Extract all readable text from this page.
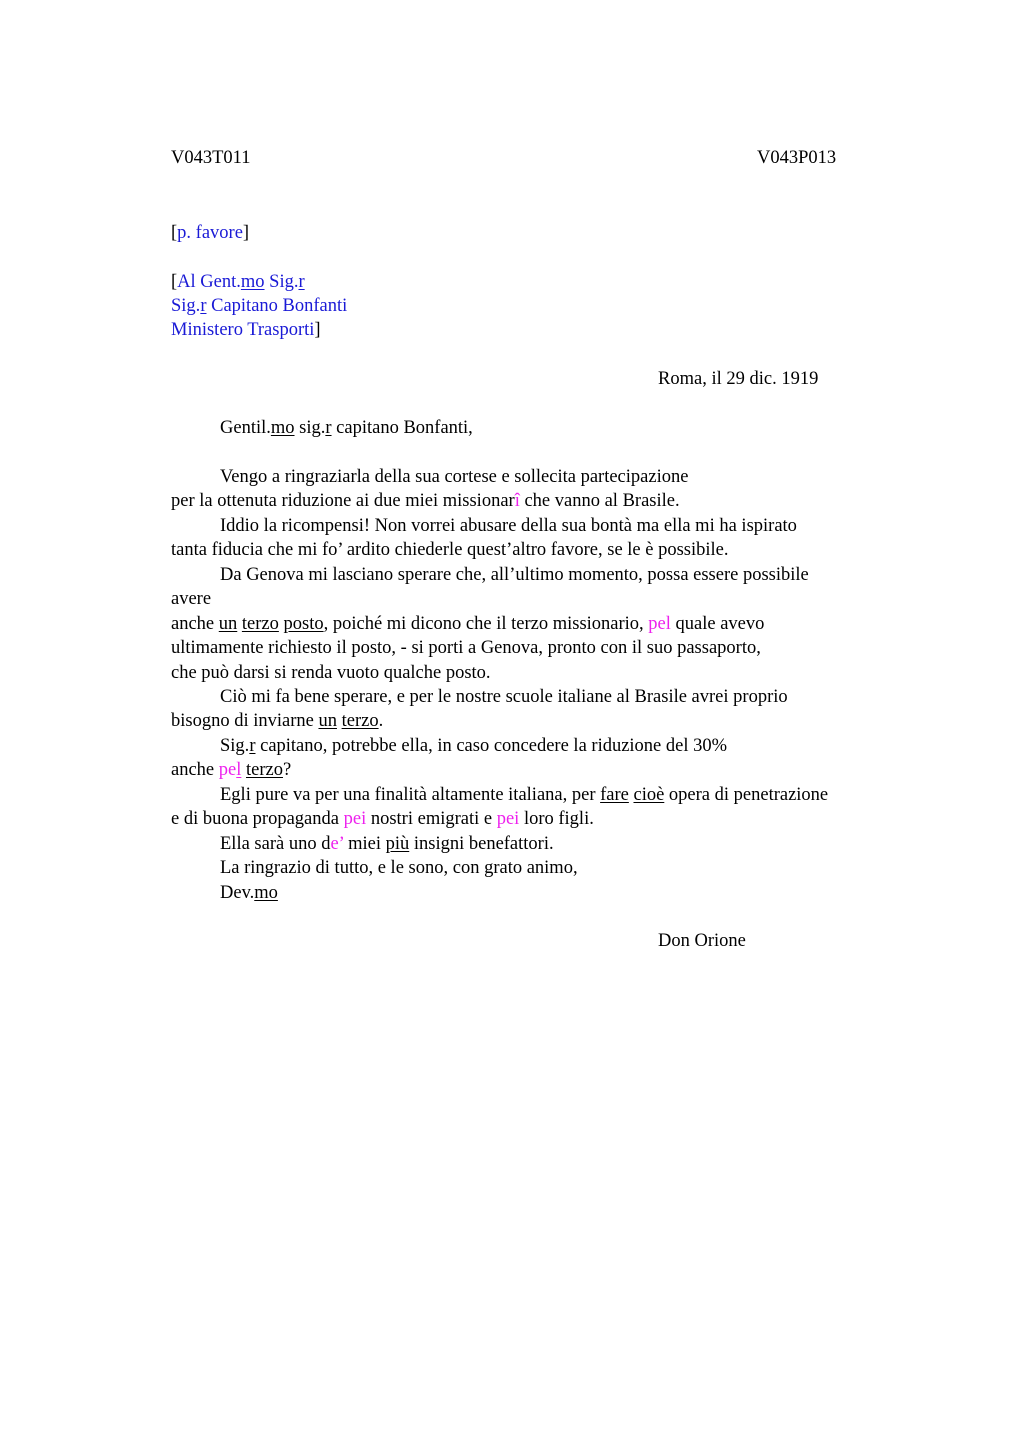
V043T011	V043P013
[p. favore]
[Al Gent.mo Sig.r
Sig.r Capitano Bonfanti
Ministero Trasporti]
Roma, il 29 dic. 1919
Gentil.mo sig.r capitano Bonfanti,
Vengo a ringraziarla della sua cortese e sollecita partecipazione
per la ottenuta riduzione ai due miei missionarî che vanno al Brasile.
Iddio la ricompensi! Non vorrei abusare della sua bontà ma ella mi ha ispirato
tanta fiducia che mi fo’ ardito chiederle quest’altro favore, se le è possibile.
Da Genova mi lasciano sperare che, all’ultimo momento, possa essere possibile
avere
anche un terzo posto, poiché mi dicono che il terzo missionario, pel quale avevo
ultimamente richiesto il posto, - si porti a Genova, pronto con il suo passaporto,
che può darsi si renda vuoto qualche posto.
Ciò mi fa bene sperare, e per le nostre scuole italiane al Brasile avrei proprio
bisogno di inviarne un terzo.
Sig.r capitano, potrebbe ella, in caso concedere la riduzione del 30%
anche pel terzo?
Egli pure va per una finalità altamente italiana, per fare cioè opera di penetrazione
e di buona propaganda pei nostri emigrati e pei loro figli.
Ella sarà uno de’ miei più insigni benefattori.
La ringrazio di tutto, e le sono, con grato animo,
Dev.mo
Don Orione
